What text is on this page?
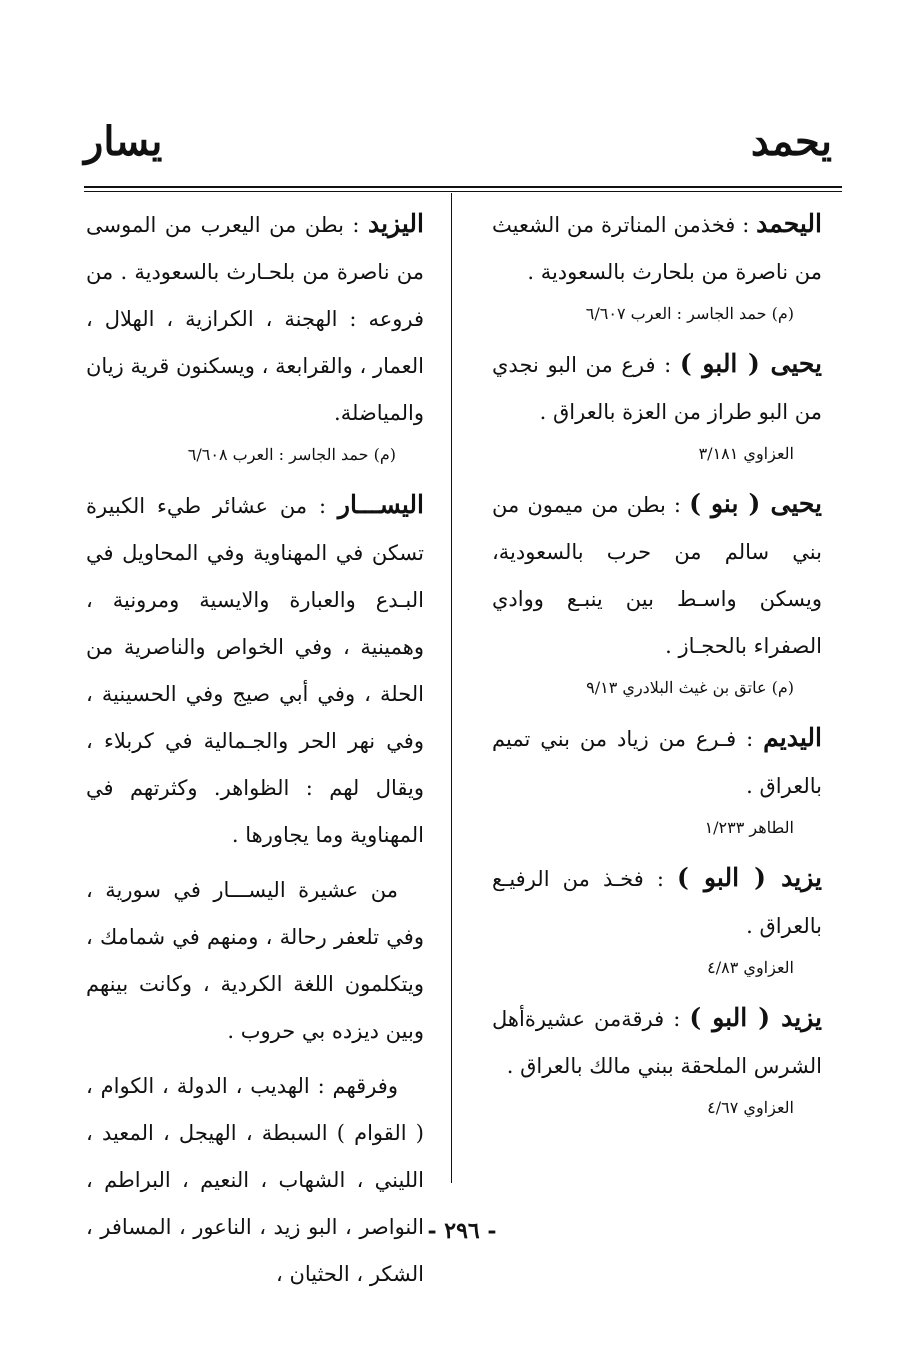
يحمد
يسار
اليحمد : فخذمن المناترة من الشعيث من ناصرة من بلحارث بالسعودية .
(م) حمد الجاسر : العرب ٦/٦٠٧
يحيى ( البو ) : فرع من البو نجدي من البو طراز من العزة بالعراق .
العزاوي ٣/١٨١
يحيى ( بنو ) : بطن من ميمون من بني سالم من حرب بالسعودية، ويسكن واسـط بين ينبـع ووادي الصفراء بالحجـاز .
(م) عاتق بن غيث البلادري ٩/١٣
اليديم : فـرع من زياد من بني تميم بالعراق .
الطاهر ١/٢٣٣
يزيد ( البو ) : فخـذ من الرفيـع بالعراق .
العزاوي ٤/٨٣
يزيد ( البو ) : فرقةمن عشيرةأهل الشرس الملحقة ببني مالك بالعراق .
العزاوي ٤/٦٧
اليزيد : بطن من اليعرب من الموسى من ناصرة من بلحـارث بالسعودية . من فروعه : الهجنة ، الكرازية ، الهلال ، العمار ، والقرابعة ، ويسكنون قرية زيان والمياضلة.
(م) حمد الجاسر : العرب ٦/٦٠٨
اليســـار : من عشائر طيء الكبيرة تسكن في المهناوية وفي المحاويل في البـدع والعبارة والايسية ومرونية ، وهمينية ، وفي الخواص والناصرية من الحلة ، وفي أبي صيج وفي الحسينية ، وفي نهر الحر والجـمالية في كربلاء ، ويقال لهم : الظواهر. وكثرتهم في المهناوية وما يجاورها .
من عشيرة اليســـار في سورية ، وفي تلعفر رحالة ، ومنهم في شمامك ، ويتكلمون اللغة الكردية ، وكانت بينهم وبين ديزده بي حروب .
وفرقهم : الهديب ، الدولة ، الكوام ، ( القوام ) السبطة ، الهيجل ، المعيد ، الليني ، الشهاب ، النعيم ، البراطم ، النواصر ، البو زيد ، الناعور ، المسافر ، الشكر ، الحثيان ،
- ٢٩٦ -
